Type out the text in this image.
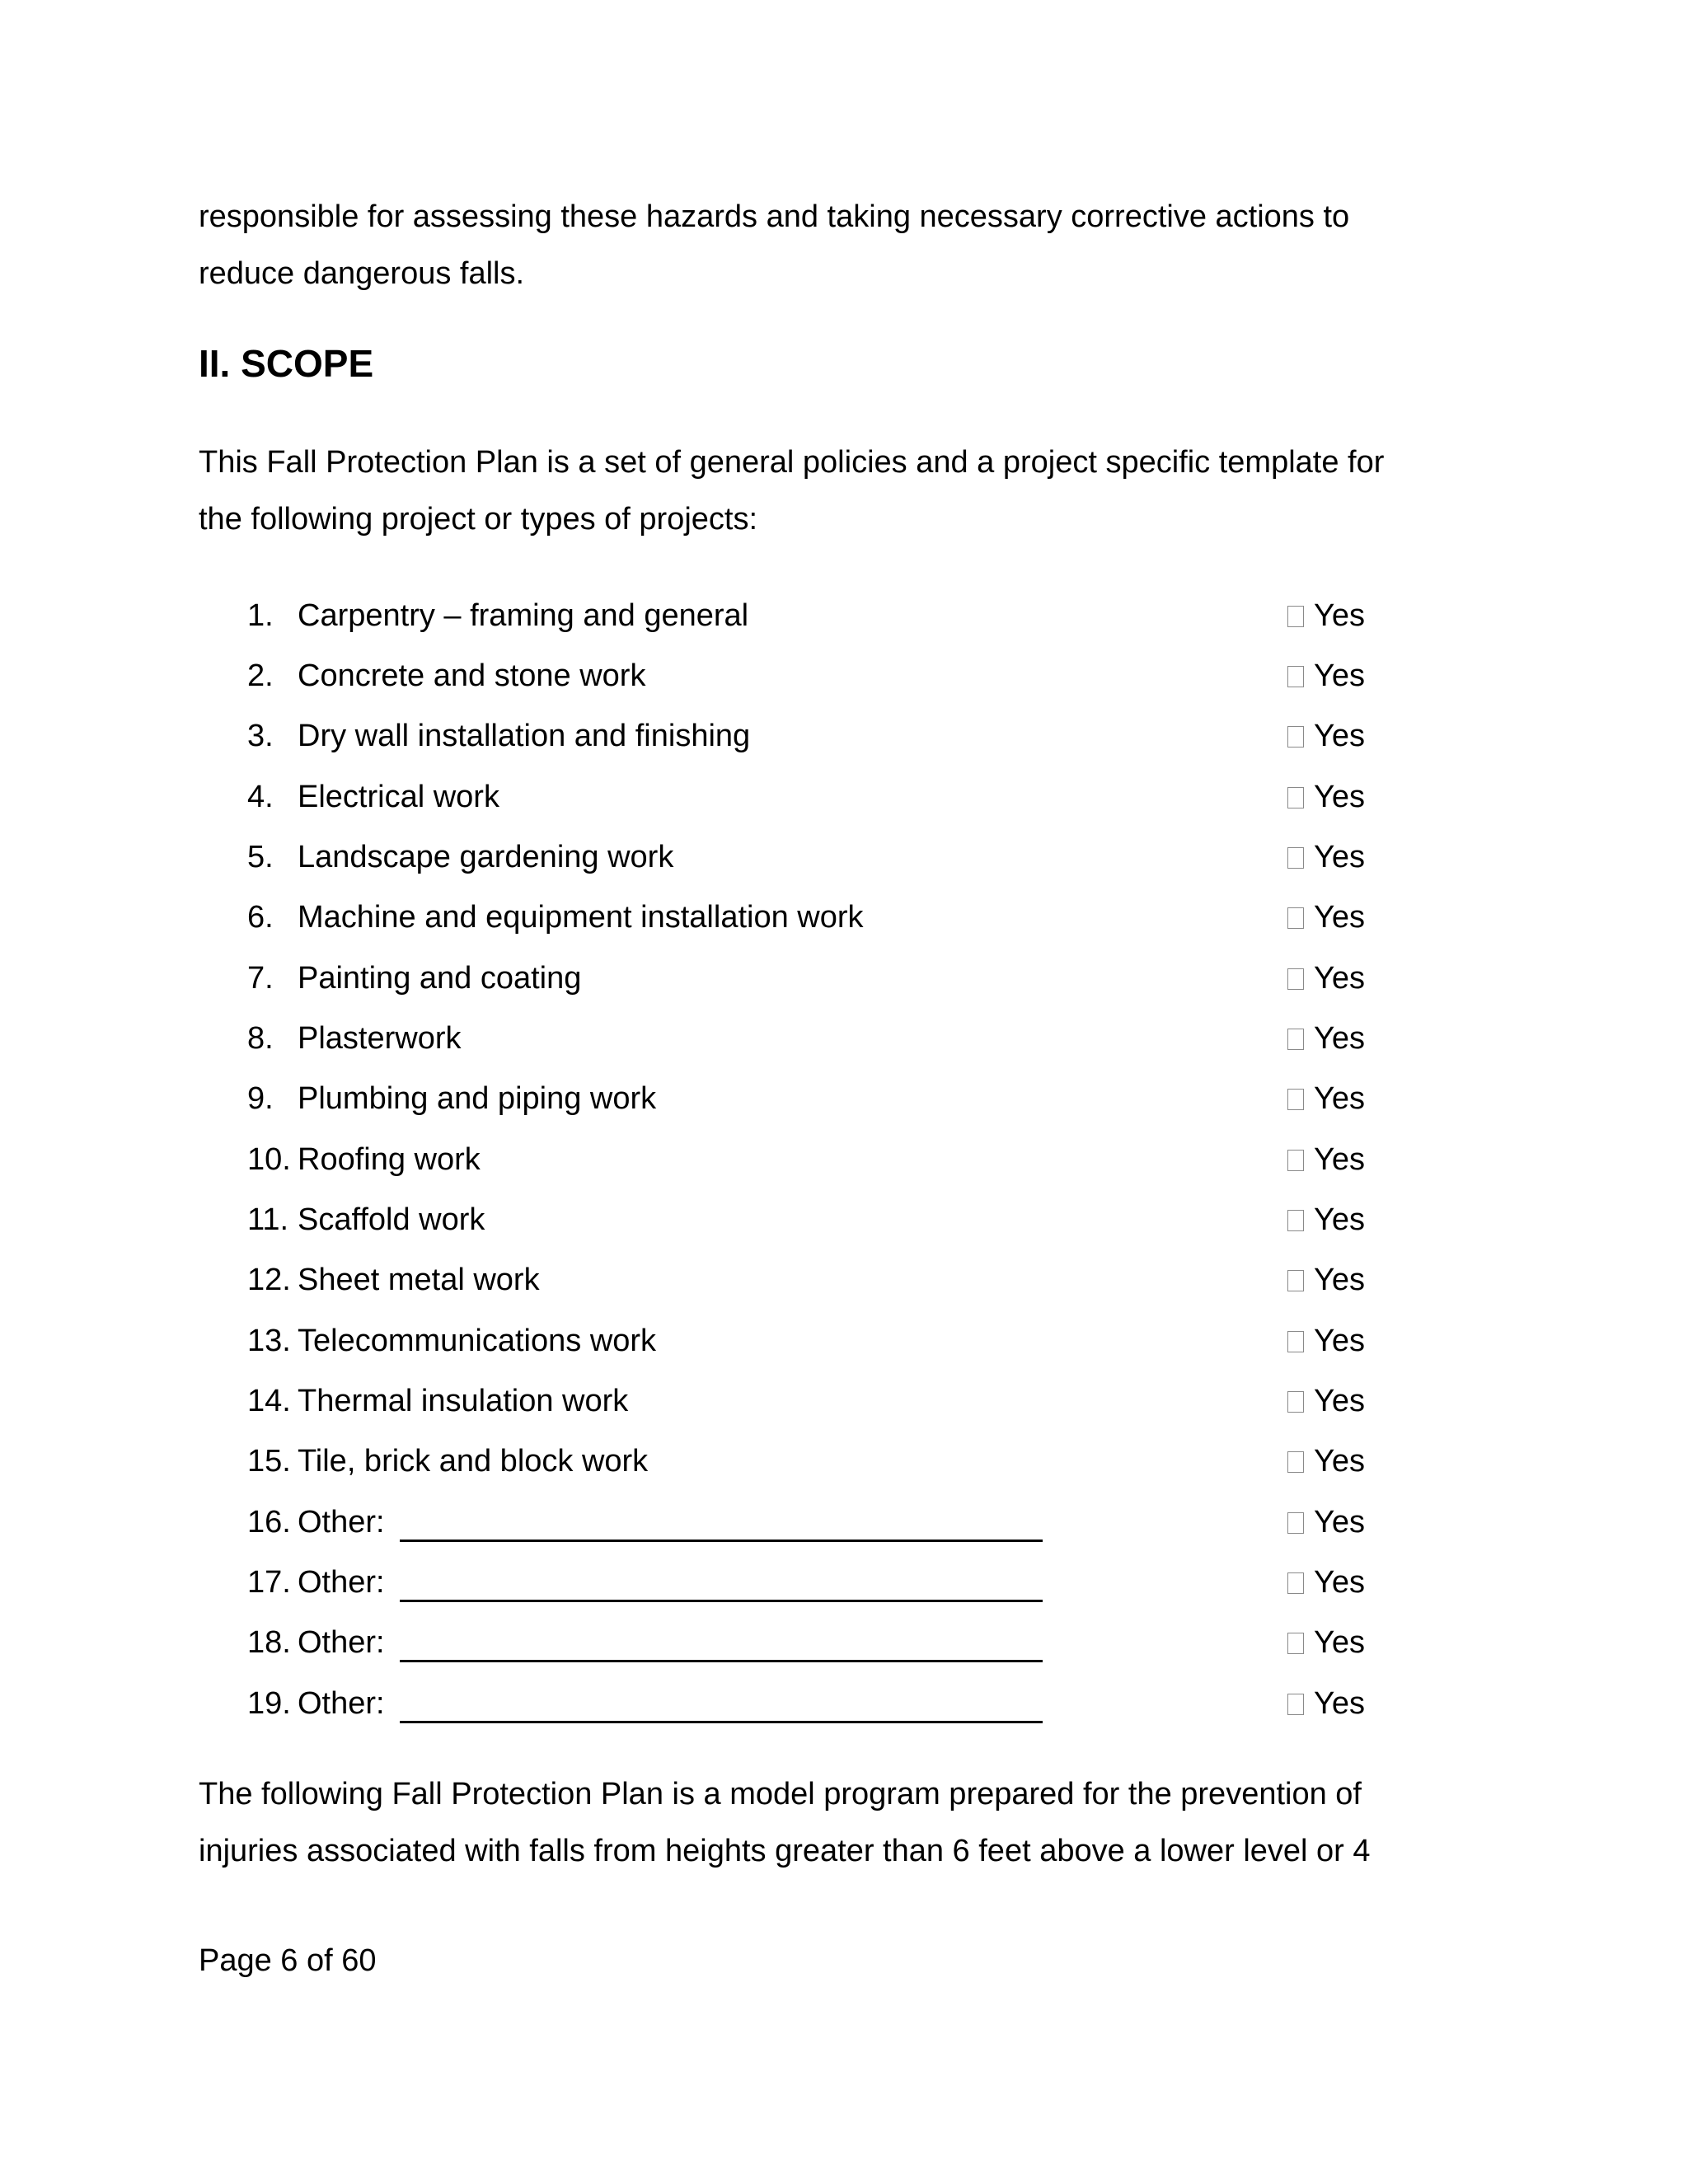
responsible for assessing these hazards and taking necessary corrective actions to
reduce dangerous falls.
II. SCOPE
This Fall Protection Plan is a set of general policies and a project specific template for
the following project or types of projects:
1. Carpentry – framing and general	Yes
2. Concrete and stone work	Yes
3. Dry wall installation and finishing	Yes
4. Electrical work	Yes
5. Landscape gardening work	Yes
6. Machine and equipment installation work	Yes
7. Painting and coating	Yes
8. Plasterwork	Yes
9. Plumbing and piping work	Yes
10. Roofing work	Yes
11. Scaffold work	Yes
12. Sheet metal work	Yes
13. Telecommunications work	Yes
14. Thermal insulation work	Yes
15. Tile, brick and block work	Yes
16. Other:	Yes
17. Other:	Yes
18. Other:	Yes
19. Other:	Yes
The following Fall Protection Plan is a model program prepared for the prevention of
injuries associated with falls from heights greater than 6 feet above a lower level or 4
Page 6 of 60
